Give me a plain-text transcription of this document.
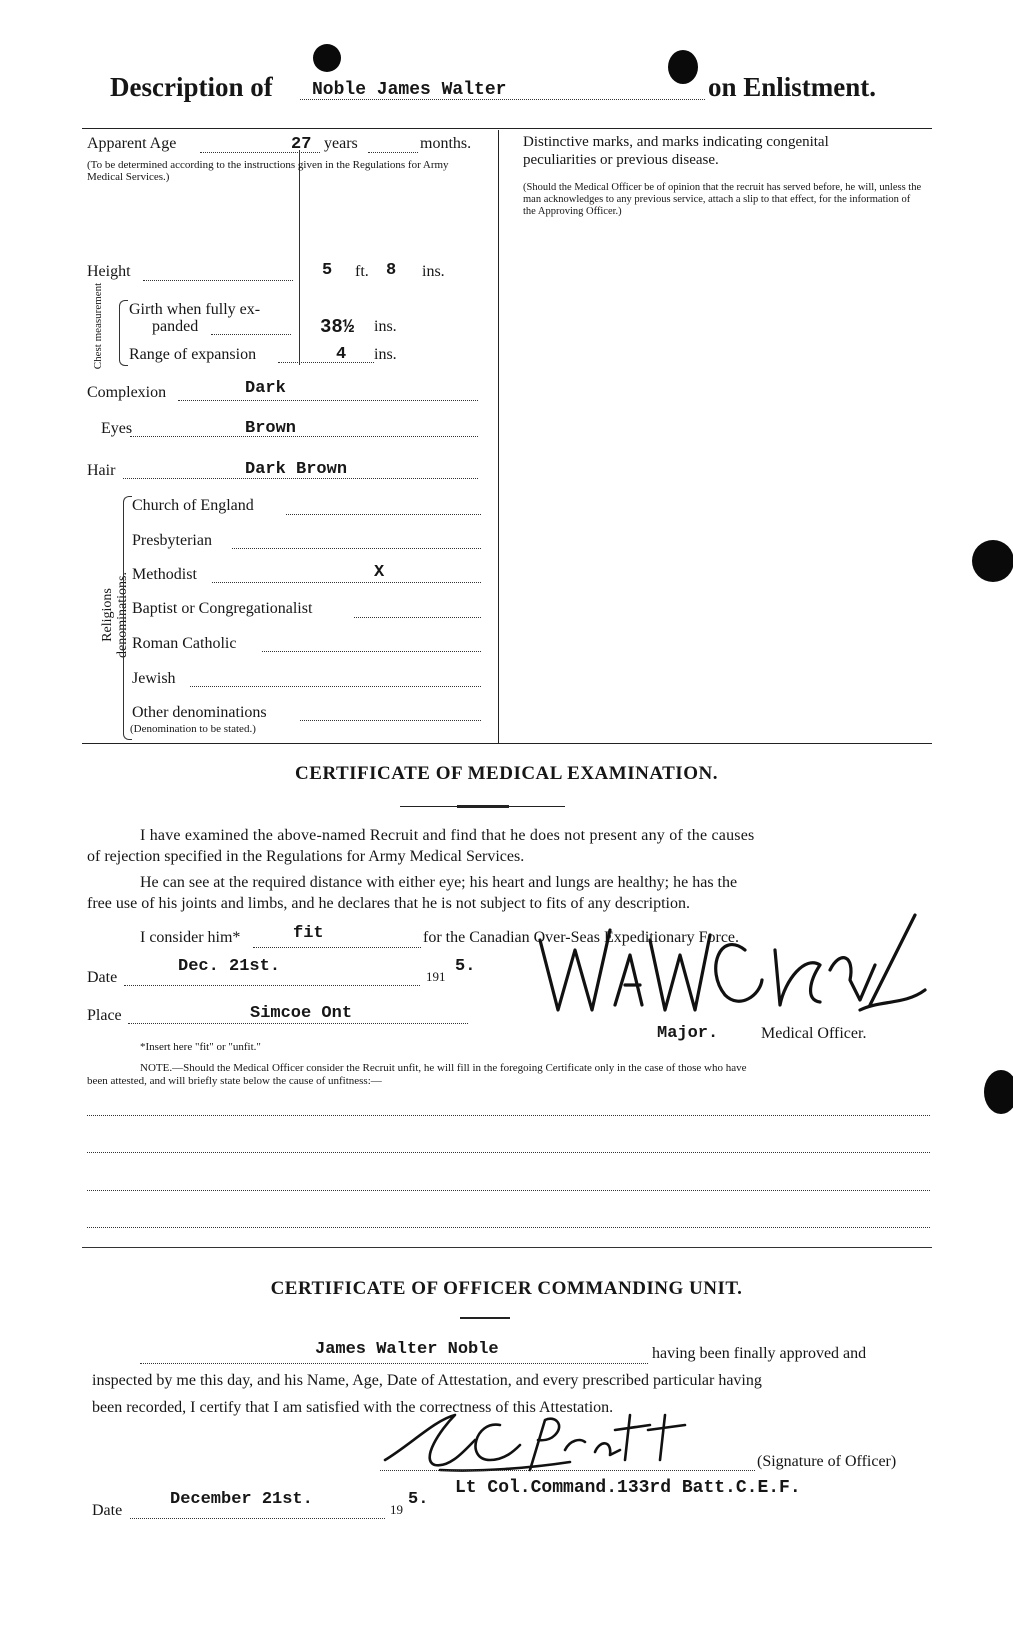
Description of Noble James Walter	on Enlistment.
Apparent Age	27 years	months.
(To be determined according to the instructions given in the Regulations for Army Medical Services.)
Height	5 ft. 8 ins.
Chest measurement Girth when fully ex-
panded	38½ ins.
Range of expansion	4 ins.
Complexion	Dark
Eyes	Brown
Hair	Dark Brown
Religions denominations.
Church of England
Presbyterian
Methodist	X
Baptist or Congregationalist
Roman Catholic
Jewish
Other denominations
(Denomination to be stated.)
Distinctive marks, and marks indicating congenital
peculiarities or previous disease.
(Should the Medical Officer be of opinion that the recruit has served before, he will, unless the man acknowledges to any previous service, attach a slip to that effect, for the information of the Approving Officer.)
CERTIFICATE OF MEDICAL EXAMINATION.
I have examined the above-named Recruit and find that he does not present any of the causes
of rejection specified in the Regulations for Army Medical Services.
He can see at the required distance with either eye; his heart and lungs are healthy; he has the
free use of his joints and limbs, and he declares that he is not subject to fits of any description.
I consider him*	fit	for the Canadian Over-Seas Expeditionary Force.
Date
Dec. 21st.
191
5.
Place	Simcoe Ont
Major.	Medical Officer.
*Insert here "fit" or "unfit."
NOTE.—Should the Medical Officer consider the Recruit unfit, he will fill in the foregoing Certificate only in the case of those who have
been attested, and will briefly state below the cause of unfitness:—
CERTIFICATE OF OFFICER COMMANDING UNIT.
James Walter Noble	having been finally approved and
inspected by me this day, and his Name, Age, Date of Attestation, and every prescribed particular having
been recorded, I certify that I am satisfied with the correctness of this Attestation.
(Signature of Officer)
Date
December 21st.
19
5.
Lt Col.Command.133rd Batt.C.E.F.
